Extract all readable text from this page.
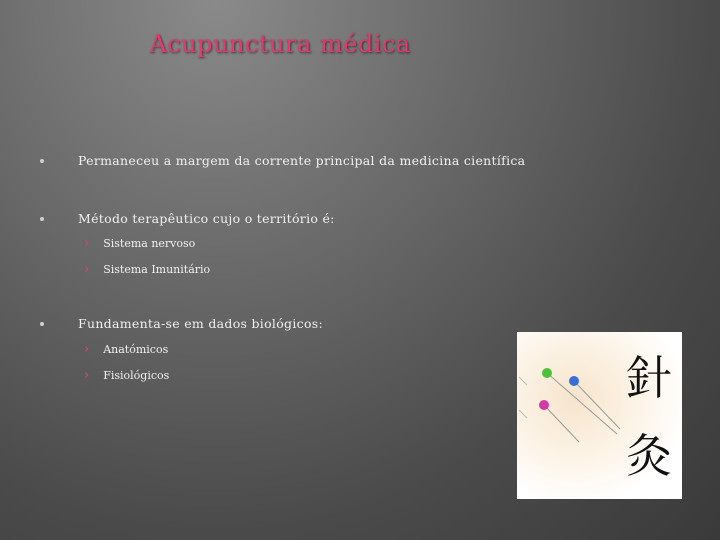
Acupunctura médica
Permaneceu a margem da corrente principal da medicina científica
Método terapêutico cujo o território é:
› Sistema nervoso
› Sistema Imunitário
Fundamenta-se em dados biológicos:
› Anatómicos
› Fisiológicos	針
灸
